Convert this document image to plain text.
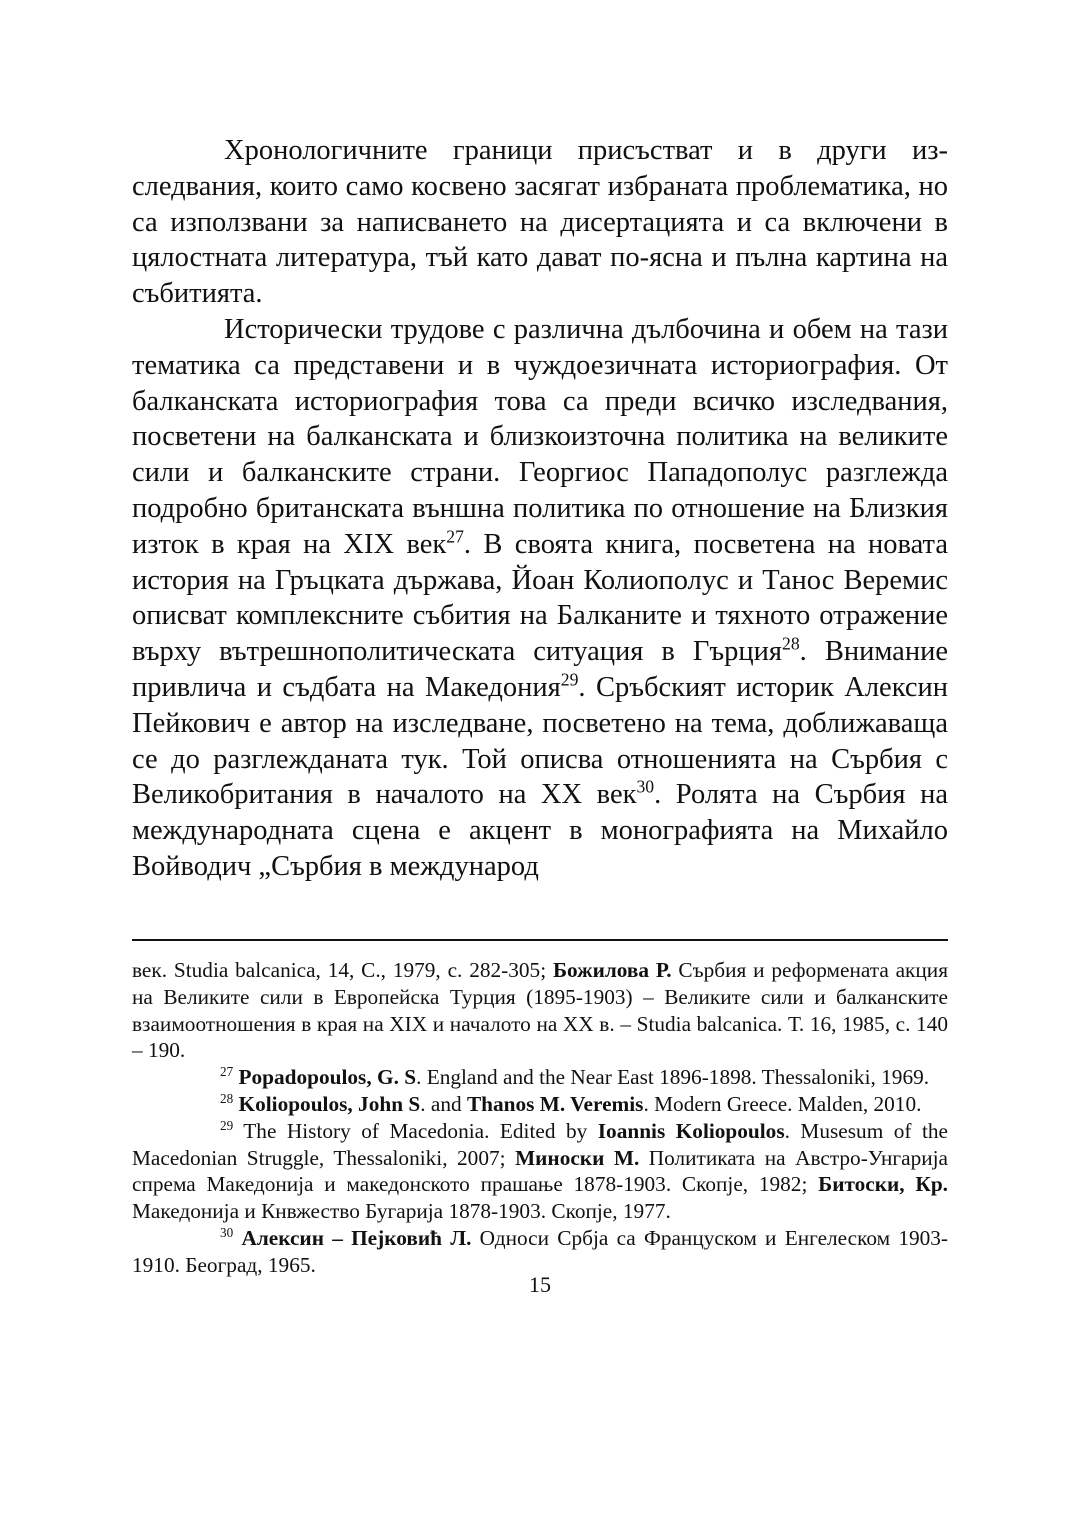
Хронологичните граници присъстват и в други изследвания, които само косвено засягат избраната проблематика, но са използвани за написването на дисертацията и са включени в цялостната литература, тъй като дават по-ясна и пълна картина на събитията.

Исторически трудове с различна дълбочина и обем на тази тематика са представени и в чуждоезичната историография. От балканската историография това са преди всичко изследвания, посветени на балканската и близкоизточна политика на великите сили и балканските страни. Георгиос Пападополус разглежда подробно британската външна политика по отношение на Близкия изток в края на XIX век$^{27}$. В своята книга, посветена на новата история на Гръцката държава, Йоан Колиополус и Танос Веремис описват комплексните събития на Балканите и тяхното отражение върху вътрешнополитическата ситуация в Гърция$^{28}$. Внимание привлича и съдбата на Македония$^{29}$. Сръбският историк Алексин Пейкович е автор на изследване, посветено на тема, доближаваща се до разглежданата тук. Той описва отношенията на Сърбия с Великобритания в началото на XX век$^{30}$. Ролята на Сърбия на международната сцена е акцент в монографията на Михайло Войводич „Сърбия в международ

век. Studia balcanica, 14, С., 1979, с. 282-305; Божилова Р. Сърбия и реформената акция на Великите сили в Европейска Турция (1895-1903) – Великите сили и балканските взаимоотношения в края на XIX и началото на XX в. – Studia balcanica. Т. 16, 1985, с. 140 – 190.

$^{27}$ Popadopoulos, G. S. England and the Near East 1896-1898. Thessaloniki, 1969.

$^{28}$ Koliopoulos, John S. and Thanos M. Veremis. Modern Greece. Malden, 2010.

$^{29}$ The History of Macedonia. Edited by Ioannis Koliopoulos. Musesum of the Macedonian Struggle, Thessaloniki, 2007; Миноски М. Политиката на Австро-Унгарија спрема Македонија и македонското прашање 1878-1903. Скопје, 1982; Битоски, Кр. Македонија и Кнвжество Бугарија 1878-1903. Скопје, 1977.

$^{30}$ Алексин – Пејковиħ Л. Односи Србја са Француском и Енгелеском 1903-1910. Београд, 1965.

15
